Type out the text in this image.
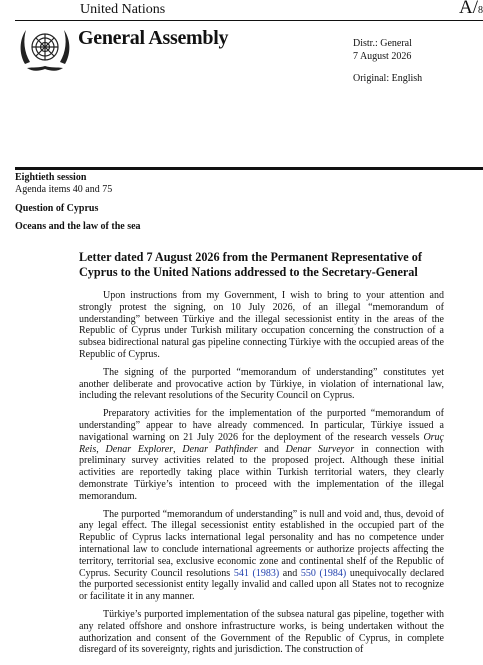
United Nations	A/8
General Assembly	Distr.: General
7 August 2026
Original: English
Eightieth session
Agenda items 40 and 75
Question of Cyprus
Oceans and the law of the sea
Letter dated 7 August 2026 from the Permanent Representative of
Cyprus to the United Nations addressed to the Secretary-General

Upon instructions from my Government, I wish to bring to your attention and strongly protest the signing, on 10 July 2026, of an illegal “memorandum of understanding” between Türkiye and the illegal secessionist entity in the areas of the Republic of Cyprus under Turkish military occupation concerning the construction of a subsea bidirectional natural gas pipeline connecting Türkiye with the occupied areas of the Republic of Cyprus.

The signing of the purported “memorandum of understanding” constitutes yet another deliberate and provocative action by Türkiye, in violation of international law, including the relevant resolutions of the Security Council on Cyprus.

Preparatory activities for the implementation of the purported “memorandum of understanding” appear to have already commenced. In particular, Türkiye issued a navigational warning on 21 July 2026 for the deployment of the research vessels Oruç Reis, Denar Explorer, Denar Pathfinder and Denar Surveyor in connection with preliminary survey activities related to the proposed project. Although these initial activities are reportedly taking place within Turkish territorial waters, they clearly demonstrate Türkiye’s intention to proceed with the implementation of the illegal memorandum.

The purported “memorandum of understanding” is null and void and, thus, devoid of any legal effect. The illegal secessionist entity established in the occupied part of the Republic of Cyprus lacks international legal personality and has no competence under international law to conclude international agreements or authorize projects affecting the territory, territorial sea, exclusive economic zone and continental shelf of the Republic of Cyprus. Security Council resolutions 541 (1983) and 550 (1984) unequivocally declared the purported secessionist entity legally invalid and called upon all States not to recognize or facilitate it in any manner.

Türkiye’s purported implementation of the subsea natural gas pipeline, together with any related offshore and onshore infrastructure works, is being undertaken without the authorization and consent of the Government of the Republic of Cyprus, in complete disregard of its sovereignty, rights and jurisdiction. The construction of
